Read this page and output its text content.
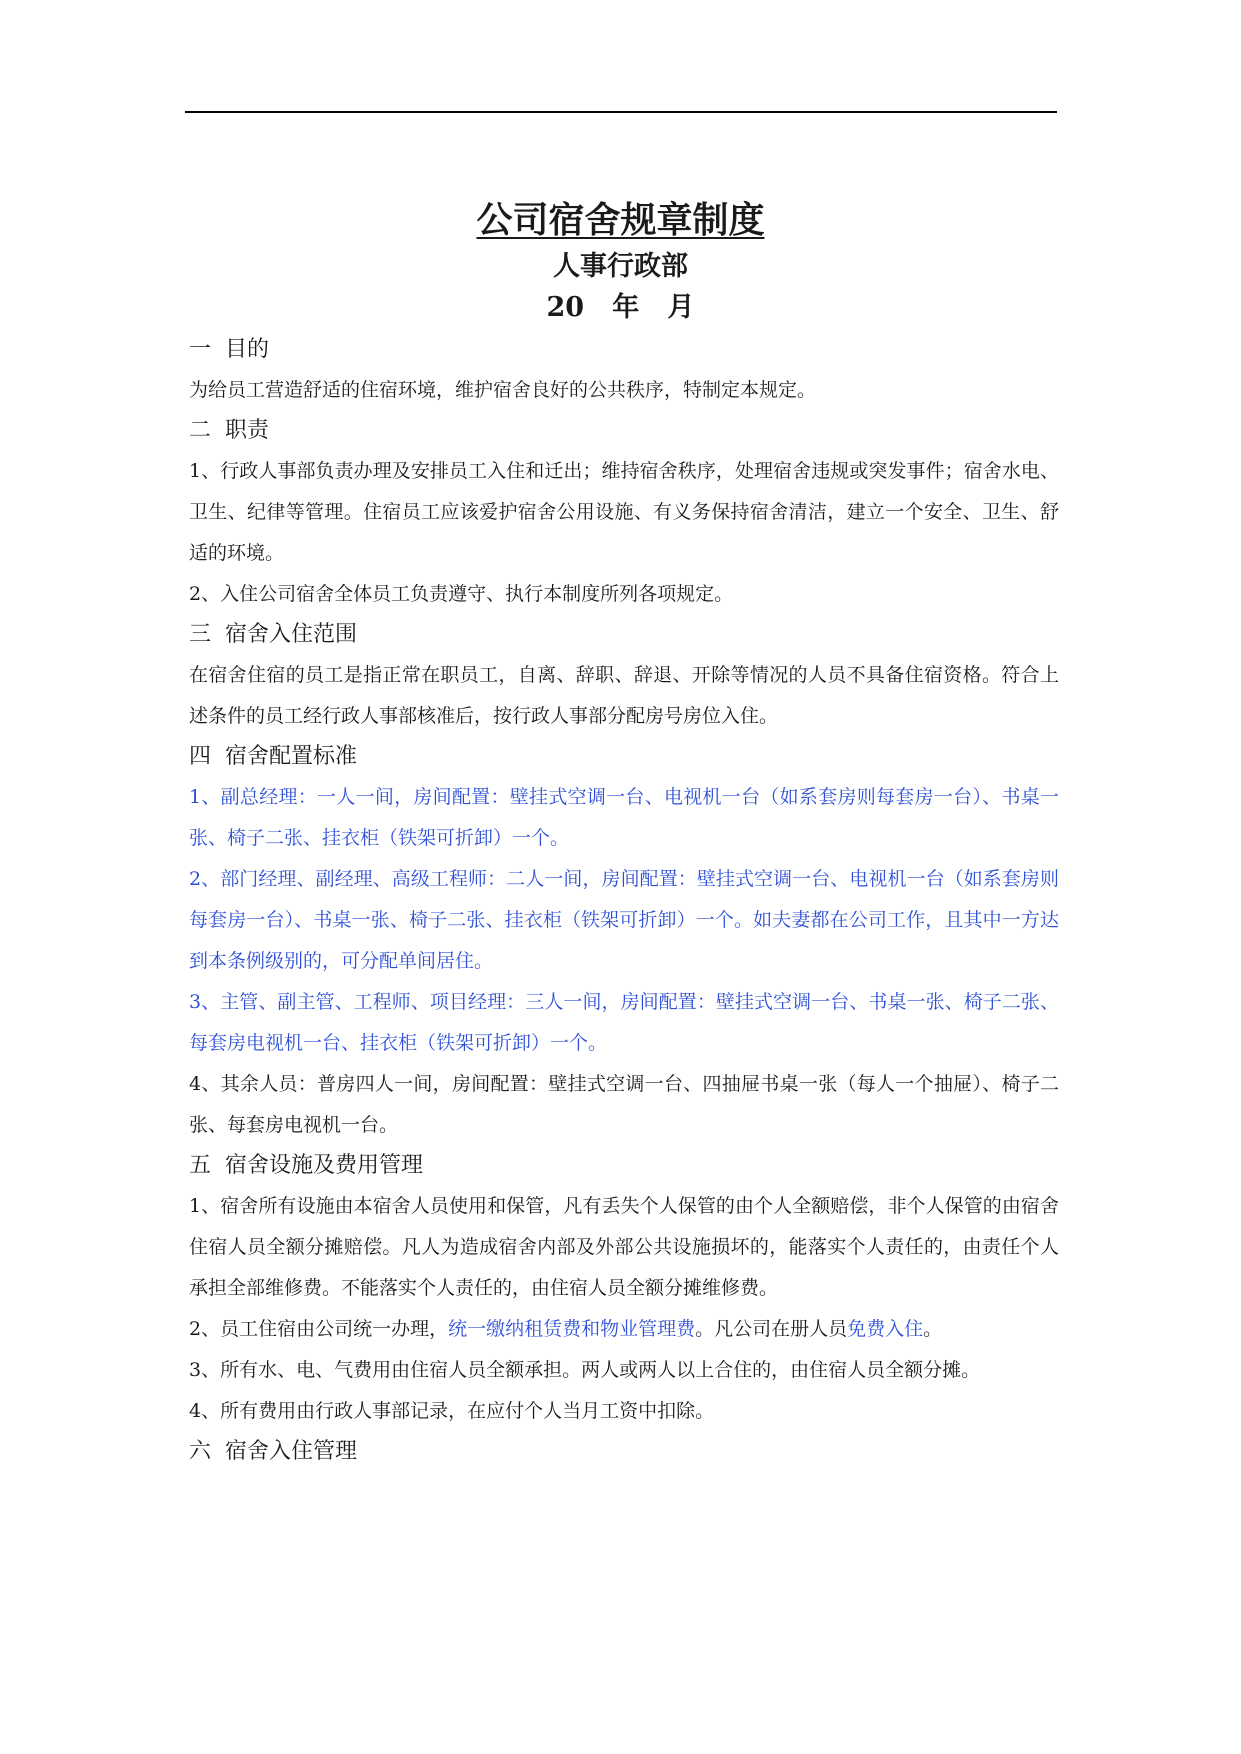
公司宿舍规章制度

人事行政部

20   年   月

一 目的

为给员工营造舒适的住宿环境，维护宿舍良好的公共秩序，特制定本规定。

二 职责

1、行政人事部负责办理及安排员工入住和迁出；维持宿舍秩序，处理宿舍违规或突发事件；宿舍水电、卫生、纪律等管理。住宿员工应该爱护宿舍公用设施、有义务保持宿舍清洁，建立一个安全、卫生、舒适的环境。

2、入住公司宿舍全体员工负责遵守、执行本制度所列各项规定。

三 宿舍入住范围

在宿舍住宿的员工是指正常在职员工，自离、辞职、辞退、开除等情况的人员不具备住宿资格。符合上述条件的员工经行政人事部核准后，按行政人事部分配房号房位入住。

四 宿舍配置标准

1、副总经理：一人一间，房间配置：壁挂式空调一台、电视机一台（如系套房则每套房一台）、书桌一张、椅子二张、挂衣柜（铁架可折卸）一个。

2、部门经理、副经理、高级工程师：二人一间，房间配置：壁挂式空调一台、电视机一台（如系套房则每套房一台）、书桌一张、椅子二张、挂衣柜（铁架可折卸）一个。如夫妻都在公司工作，且其中一方达到本条例级别的，可分配单间居住。

3、主管、副主管、工程师、项目经理：三人一间，房间配置：壁挂式空调一台、书桌一张、椅子二张、每套房电视机一台、挂衣柜（铁架可折卸）一个。

4、其余人员：普房四人一间，房间配置：壁挂式空调一台、四抽屉书桌一张（每人一个抽屉）、椅子二张、每套房电视机一台。

五 宿舍设施及费用管理

1、宿舍所有设施由本宿舍人员使用和保管，凡有丢失个人保管的由个人全额赔偿，非个人保管的由宿舍住宿人员全额分摊赔偿。凡人为造成宿舍内部及外部公共设施损坏的，能落实个人责任的，由责任个人承担全部维修费。不能落实个人责任的，由住宿人员全额分摊维修费。

2、员工住宿由公司统一办理，统一缴纳租赁费和物业管理费。凡公司在册人员免费入住。

3、所有水、电、气费用由住宿人员全额承担。两人或两人以上合住的，由住宿人员全额分摊。

4、所有费用由行政人事部记录，在应付个人当月工资中扣除。

六 宿舍入住管理
